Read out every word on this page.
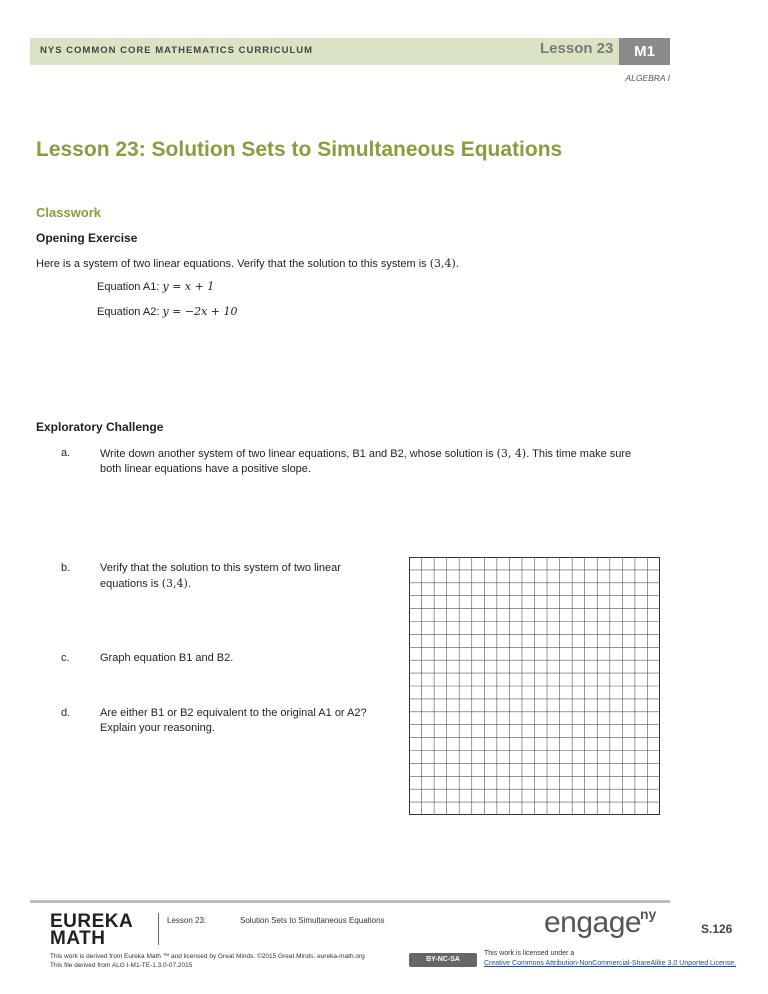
NYS COMMON CORE MATHEMATICS CURRICULUM	Lesson 23	M1
ALGEBRA I
Lesson 23: Solution Sets to Simultaneous Equations
Classwork
Opening Exercise
Here is a system of two linear equations. Verify that the solution to this system is (3,4).
Equation A1: y = x + 1
Equation A2: y = −2x + 10
Exploratory Challenge
a.	Write down another system of two linear equations, B1 and B2, whose solution is (3, 4). This time make sure
both linear equations have a positive slope.
b.	Verify that the solution to this system of two linear
equations is (3,4).
c.	Graph equation B1 and B2.
d.	Are either B1 or B2 equivalent to the original A1 or A2?
Explain your reasoning.
EUREKA
MATH
Lesson 23:	Solution Sets to Simultaneous Equations
This work is derived from Eureka Math ™ and licensed by Great Minds. ©2015 Great Minds. eureka-math.org
This file derived from ALG I-M1-TE-1.3.0-07.2015
engage
ny
S.126
BY-NC-SA
This work is licensed under a
Creative Commons Attribution-NonCommercial-ShareAlike 3.0 Unported License.
